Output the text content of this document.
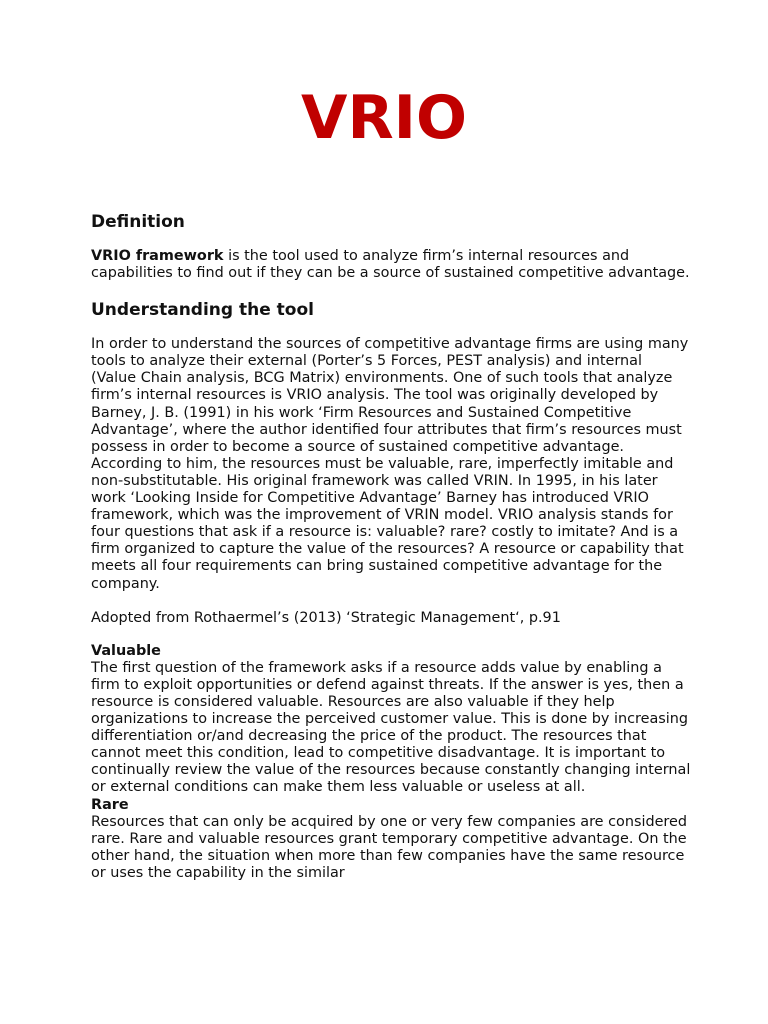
VRIO
Definition

VRIO framework is the tool used to analyze firm’s internal resources and capabilities to find out if they can be a source of sustained competitive advantage.

Understanding the tool

In order to understand the sources of competitive advantage firms are using many tools to analyze their external (Porter’s 5 Forces, PEST analysis) and internal (Value Chain analysis, BCG Matrix) environments. One of such tools that analyze firm’s internal resources is VRIO analysis. The tool was originally developed by Barney, J. B. (1991) in his work ‘Firm Resources and Sustained Competitive Advantage’, where the author identified four attributes that firm’s resources must possess in order to become a source of sustained competitive advantage. According to him, the resources must be valuable, rare, imperfectly imitable and non-substitutable. His original framework was called VRIN. In 1995, in his later work ‘Looking Inside for Competitive Advantage’ Barney has introduced VRIO framework, which was the improvement of VRIN model. VRIO analysis stands for four questions that ask if a resource is: valuable? rare? costly to imitate? And is a firm organized to capture the value of the resources? A resource or capability that meets all four requirements can bring sustained competitive advantage for the company.

Adopted from Rothaermel’s (2013) ‘Strategic Management‘, p.91

Valuable

The first question of the framework asks if a resource adds value by enabling a firm to exploit opportunities or defend against threats. If the answer is yes, then a resource is considered valuable. Resources are also valuable if they help organizations to increase the perceived customer value. This is done by increasing differentiation or/and decreasing the price of the product. The resources that cannot meet this condition, lead to competitive disadvantage. It is important to continually review the value of the resources because constantly changing internal or external conditions can make them less valuable or useless at all.

Rare

Resources that can only be acquired by one or very few companies are considered rare. Rare and valuable resources grant temporary competitive advantage. On the other hand, the situation when more than few companies have the same resource or uses the capability in the similar
